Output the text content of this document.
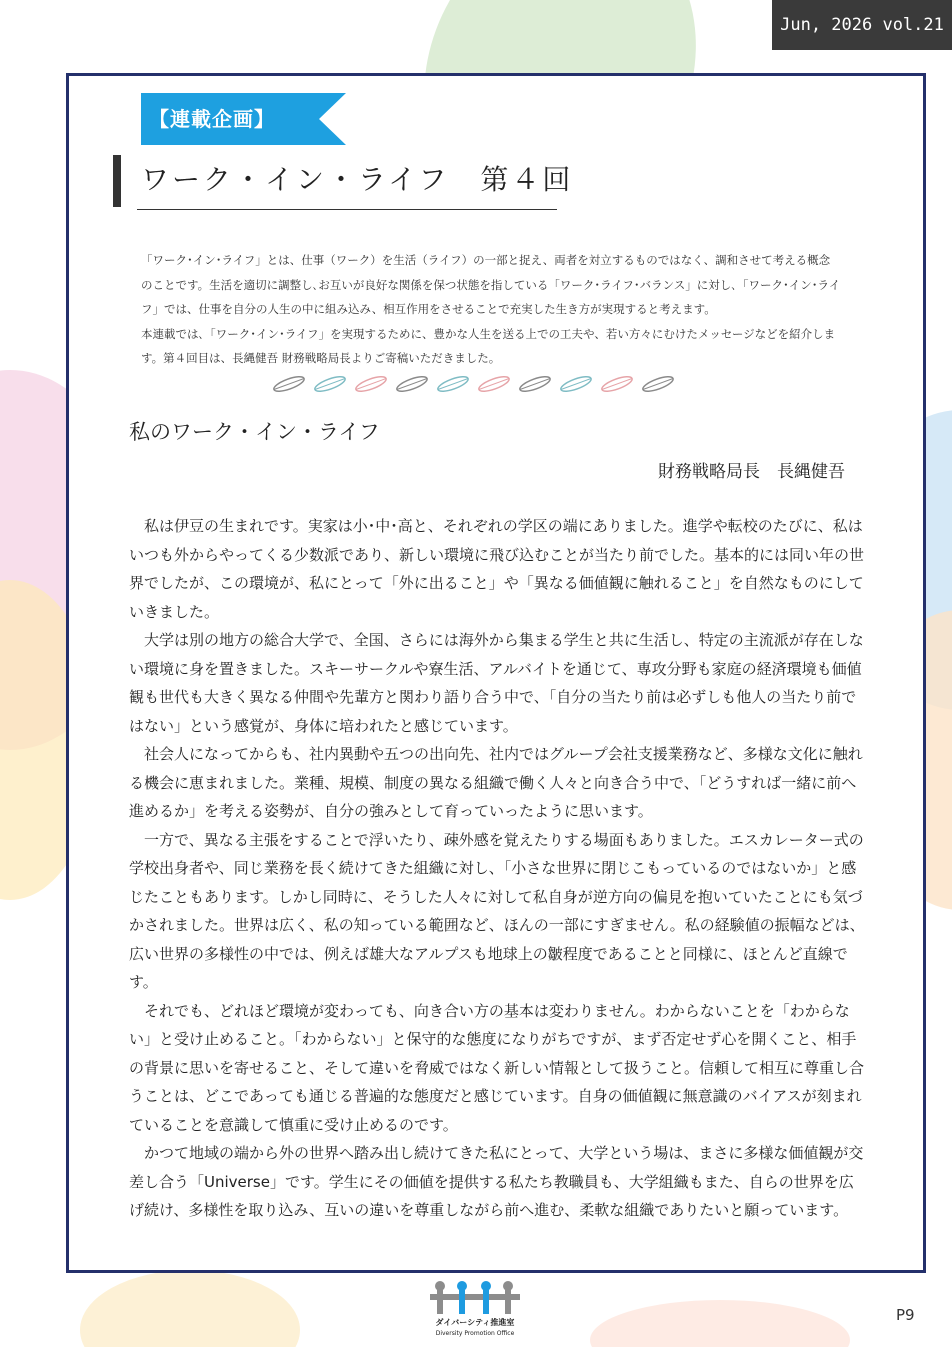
Jun, 2026 vol.21
【連載企画】
ワーク・イン・ライフ　第４回

「ワーク･イン･ライフ」とは、仕事（ワーク）を生活（ライフ）の一部と捉え、両者を対立するものではなく、調和させて考える概念のことです。生活を適切に調整し､お互いが良好な関係を保つ状態を指している「ワーク･ライフ･バランス」に対し､「ワーク･イン･ライフ」では、仕事を自分の人生の中に組み込み、相互作用をさせることで充実した生き方が実現すると考えます。

本連載では､「ワーク･イン･ライフ」を実現するために、豊かな人生を送る上での工夫や、若い方々にむけたメッセージなどを紹介します。第４回目は、長縄健吾 財務戦略局長よりご寄稿いただきました。

私のワーク・イン・ライフ
財務戦略局長　長縄健吾

私は伊豆の生まれです。実家は小･中･高と、それぞれの学区の端にありました。進学や転校のたびに、私はいつも外からやってくる少数派であり、新しい環境に飛び込むことが当たり前でした。基本的には同い年の世界でしたが、この環境が、私にとって「外に出ること」や「異なる価値観に触れること」を自然なものにしていきました。

大学は別の地方の総合大学で、全国、さらには海外から集まる学生と共に生活し、特定の主流派が存在しない環境に身を置きました。スキーサークルや寮生活、アルバイトを通じて、専攻分野も家庭の経済環境も価値観も世代も大きく異なる仲間や先輩方と関わり語り合う中で、「自分の当たり前は必ずしも他人の当たり前ではない」という感覚が、身体に培われたと感じています。

社会人になってからも、社内異動や五つの出向先、社内ではグループ会社支援業務など、多様な文化に触れる機会に恵まれました。業種、規模、制度の異なる組織で働く人々と向き合う中で、「どうすれば一緒に前へ進めるか」を考える姿勢が、自分の強みとして育っていったように思います。

一方で、異なる主張をすることで浮いたり、疎外感を覚えたりする場面もありました。エスカレーター式の学校出身者や、同じ業務を長く続けてきた組織に対し、「小さな世界に閉じこもっているのではないか」と感じたこともあります。しかし同時に、そうした人々に対して私自身が逆方向の偏見を抱いていたことにも気づかされました。世界は広く、私の知っている範囲など、ほんの一部にすぎません。私の経験値の振幅などは、広い世界の多様性の中では、例えば雄大なアルプスも地球上の皺程度であることと同様に、ほとんど直線です。

それでも、どれほど環境が変わっても、向き合い方の基本は変わりません。わからないことを「わからない」と受け止めること。「わからない」と保守的な態度になりがちですが、まず否定せず心を開くこと、相手の背景に思いを寄せること、そして違いを脅威ではなく新しい情報として扱うこと。信頼して相互に尊重し合うことは、どこであっても通じる普遍的な態度だと感じています。自身の価値観に無意識のバイアスが刻まれていることを意識して慎重に受け止めるのです。

かつて地域の端から外の世界へ踏み出し続けてきた私にとって、大学という場は、まさに多様な価値観が交差し合う「Universe」です。学生にその価値を提供する私たち教職員も、大学組織もまた、自らの世界を広げ続け、多様性を取り込み、互いの違いを尊重しながら前へ進む、柔軟な組織でありたいと願っています。

ダイバーシティ推進室
Diversity Promotion Office
P9
